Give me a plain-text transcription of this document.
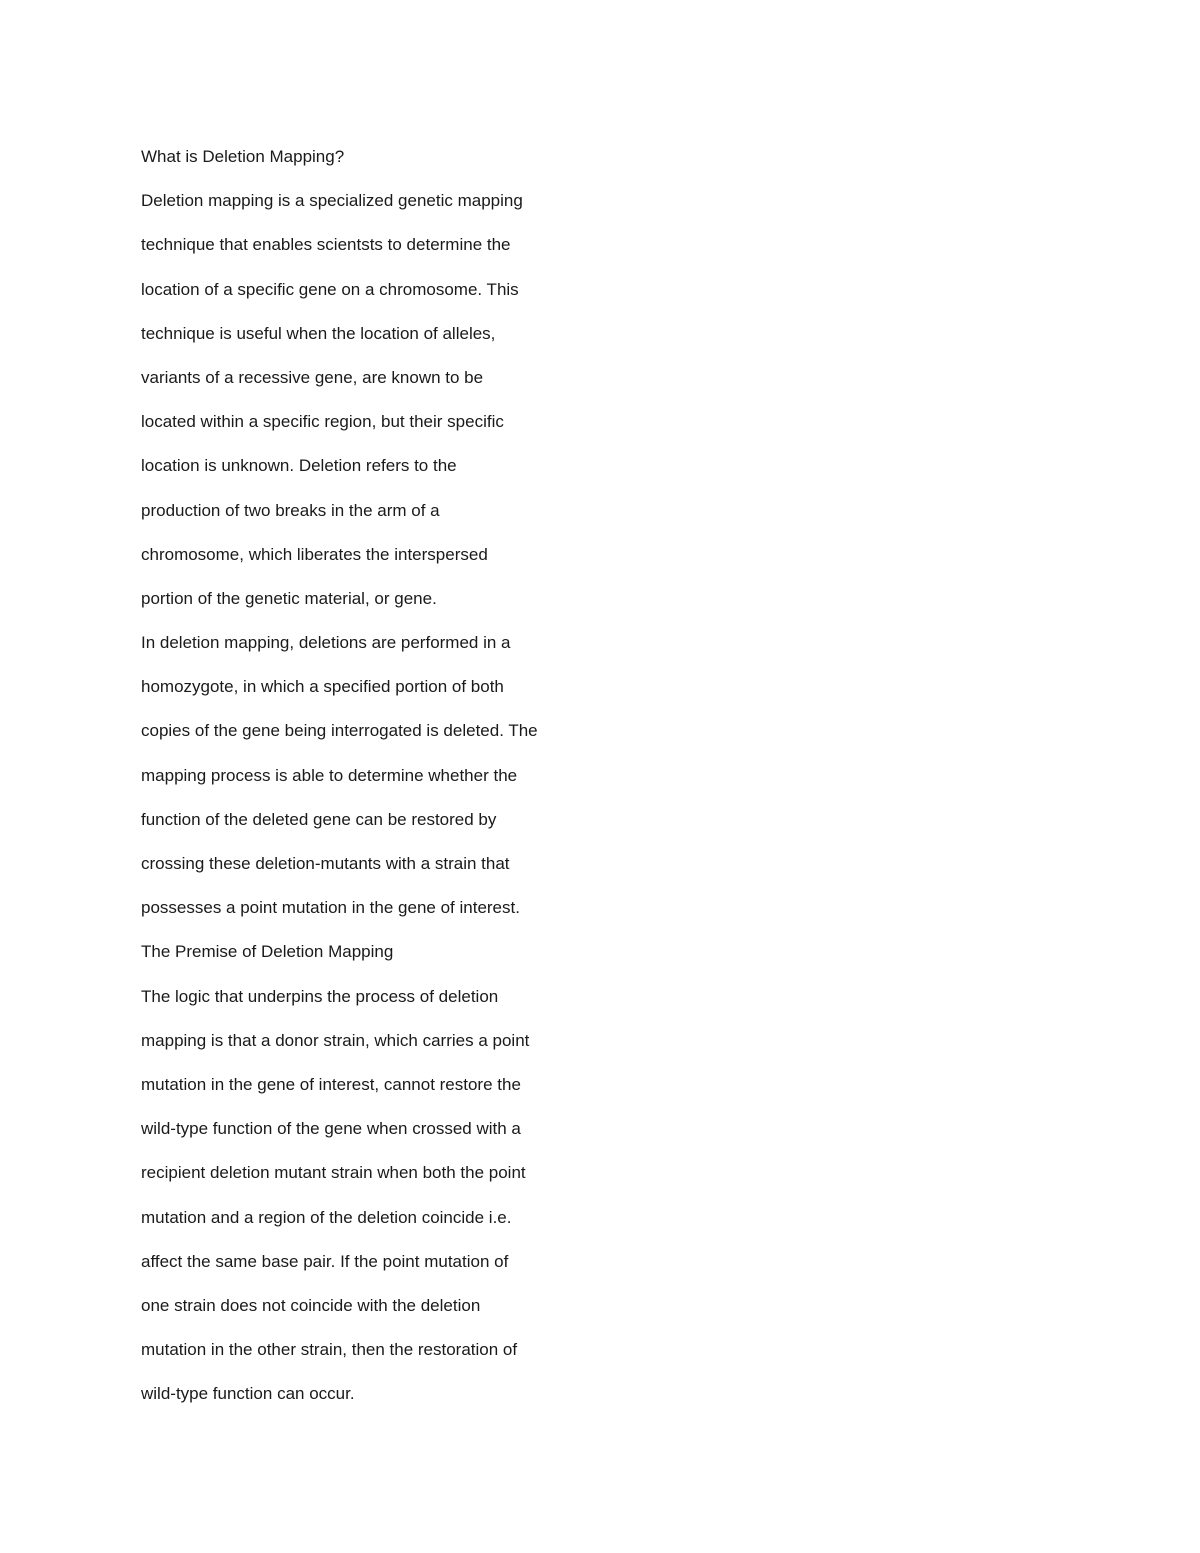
What is Deletion Mapping?
Deletion mapping is a specialized genetic mapping
technique that enables scientsts to determine the
location of a specific gene on a chromosome. This
technique is useful when the location of alleles,
variants of a recessive gene, are known to be
located within a specific region, but their specific
location is unknown. Deletion refers to the
production of two breaks in the arm of a
chromosome, which liberates the interspersed
portion of the genetic material, or gene.
In deletion mapping, deletions are performed in a
homozygote, in which a specified portion of both
copies of the gene being interrogated is deleted. The
mapping process is able to determine whether the
function of the deleted gene can be restored by
crossing these deletion-mutants with a strain that
possesses a point mutation in the gene of interest.
The Premise of Deletion Mapping
The logic that underpins the process of deletion
mapping is that a donor strain, which carries a point
mutation in the gene of interest, cannot restore the
wild-type function of the gene when crossed with a
recipient deletion mutant strain when both the point
mutation and a region of the deletion coincide i.e.
affect the same base pair. If the point mutation of
one strain does not coincide with the deletion
mutation in the other strain, then the restoration of
wild-type function can occur.
